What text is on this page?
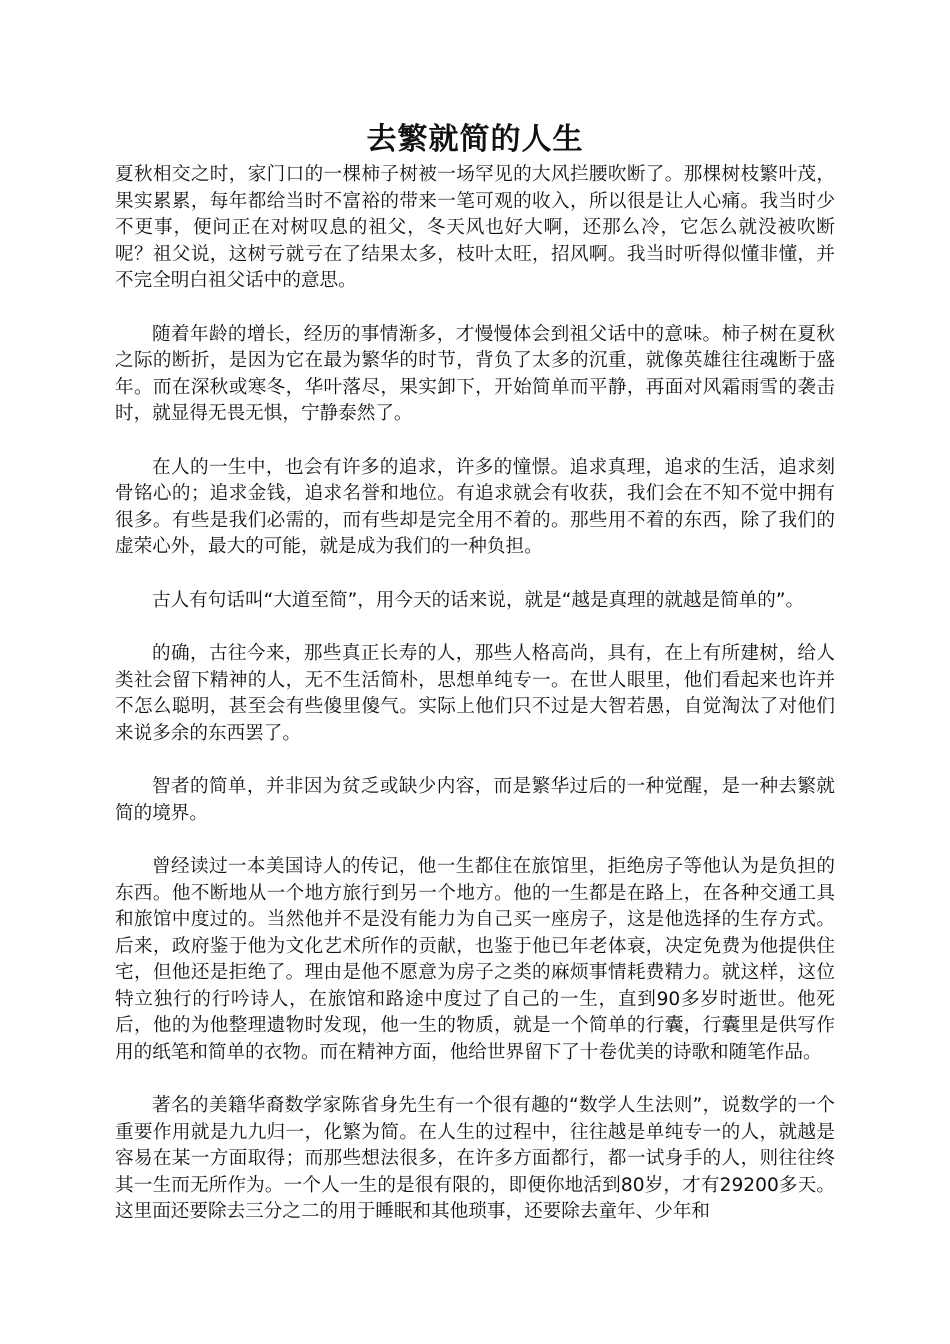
去繁就简的人生

夏秋相交之时，家门口的一棵柿子树被一场罕见的大风拦腰吹断了。那棵树枝繁叶茂，果实累累，每年都给当时不富裕的带来一笔可观的收入，所以很是让人心痛。我当时少不更事，便问正在对树叹息的祖父，冬天风也好大啊，还那么冷，它怎么就没被吹断呢？祖父说，这树亏就亏在了结果太多，枝叶太旺，招风啊。我当时听得似懂非懂，并不完全明白祖父话中的意思。

随着年龄的增长，经历的事情渐多，才慢慢体会到祖父话中的意味。柿子树在夏秋之际的断折，是因为它在最为繁华的时节，背负了太多的沉重，就像英雄往往魂断于盛年。而在深秋或寒冬，华叶落尽，果实卸下，开始简单而平静，再面对风霜雨雪的袭击时，就显得无畏无惧，宁静泰然了。

在人的一生中，也会有许多的追求，许多的憧憬。追求真理，追求的生活，追求刻骨铭心的；追求金钱，追求名誉和地位。有追求就会有收获，我们会在不知不觉中拥有很多。有些是我们必需的，而有些却是完全用不着的。那些用不着的东西，除了我们的虚荣心外，最大的可能，就是成为我们的一种负担。

古人有句话叫“大道至简”，用今天的话来说，就是“越是真理的就越是简单的”。

的确，古往今来，那些真正长寿的人，那些人格高尚，具有，在上有所建树，给人类社会留下精神的人，无不生活简朴，思想单纯专一。在世人眼里，他们看起来也许并不怎么聪明，甚至会有些傻里傻气。实际上他们只不过是大智若愚，自觉淘汰了对他们来说多余的东西罢了。

智者的简单，并非因为贫乏或缺少内容，而是繁华过后的一种觉醒，是一种去繁就简的境界。

曾经读过一本美国诗人的传记，他一生都住在旅馆里，拒绝房子等他认为是负担的东西。他不断地从一个地方旅行到另一个地方。他的一生都是在路上，在各种交通工具和旅馆中度过的。当然他并不是没有能力为自己买一座房子，这是他选择的生存方式。后来，政府鉴于他为文化艺术所作的贡献，也鉴于他已年老体衰，决定免费为他提供住宅，但他还是拒绝了。理由是他不愿意为房子之类的麻烦事情耗费精力。就这样，这位特立独行的行吟诗人，在旅馆和路途中度过了自己的一生，直到90多岁时逝世。他死后，他的为他整理遗物时发现，他一生的物质，就是一个简单的行囊，行囊里是供写作用的纸笔和简单的衣物。而在精神方面，他给世界留下了十卷优美的诗歌和随笔作品。

著名的美籍华裔数学家陈省身先生有一个很有趣的“数学人生法则”，说数学的一个重要作用就是九九归一，化繁为简。在人生的过程中，往往越是单纯专一的人，就越是容易在某一方面取得；而那些想法很多，在许多方面都行，都一试身手的人，则往往终其一生而无所作为。一个人一生的是很有限的，即便你地活到80岁，才有29200多天。这里面还要除去三分之二的用于睡眠和其他琐事，还要除去童年、少年和
